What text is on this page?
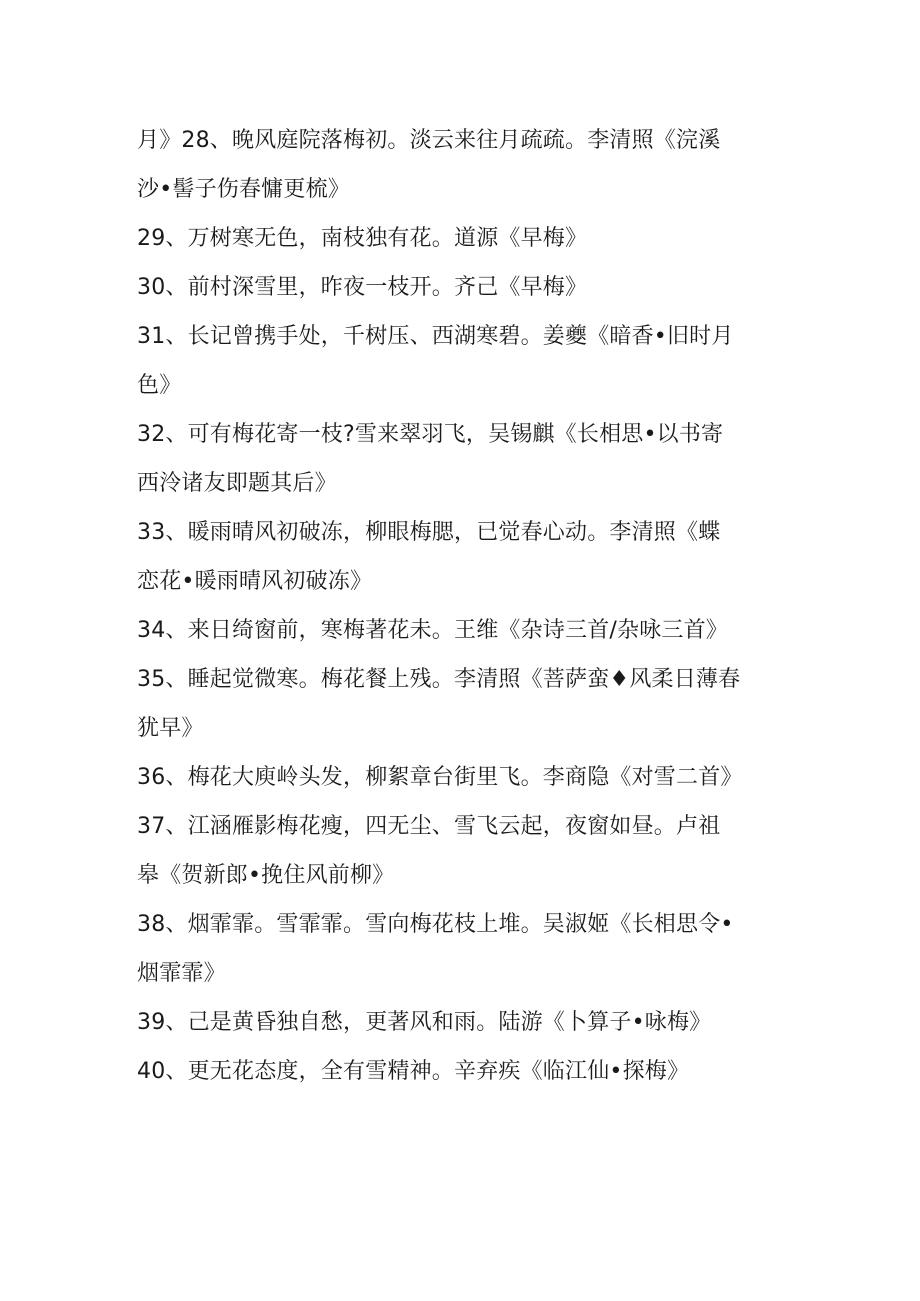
月》28、晚风庭院落梅初。淡云来往月疏疏。李清照《浣溪
沙•髻子伤春慵更梳》
29、万树寒无色，南枝独有花。道源《早梅》
30、前村深雪里，昨夜一枝开。齐己《早梅》
31、长记曾携手处，千树压、西湖寒碧。姜夔《暗香•旧时月
色》
32、可有梅花寄一枝?雪来翠羽飞，吴锡麒《长相思•以书寄
西泠诸友即题其后》
33、暖雨晴风初破冻，柳眼梅腮，已觉春心动。李清照《蝶
恋花•暖雨晴风初破冻》
34、来日绮窗前，寒梅著花未。王维《杂诗三首/杂咏三首》
35、睡起觉微寒。梅花餐上残。李清照《菩萨蛮♦风柔日薄春
犹早》
36、梅花大庾岭头发，柳絮章台街里飞。李商隐《对雪二首》
37、江涵雁影梅花瘦，四无尘、雪飞云起，夜窗如昼。卢祖
皋《贺新郎•挽住风前柳》
38、烟霏霏。雪霏霏。雪向梅花枝上堆。吴淑姬《长相思令•
烟霏霏》
39、己是黄昏独自愁，更著风和雨。陆游《卜算子•咏梅》
40、更无花态度，全有雪精神。辛弃疾《临江仙•探梅》
